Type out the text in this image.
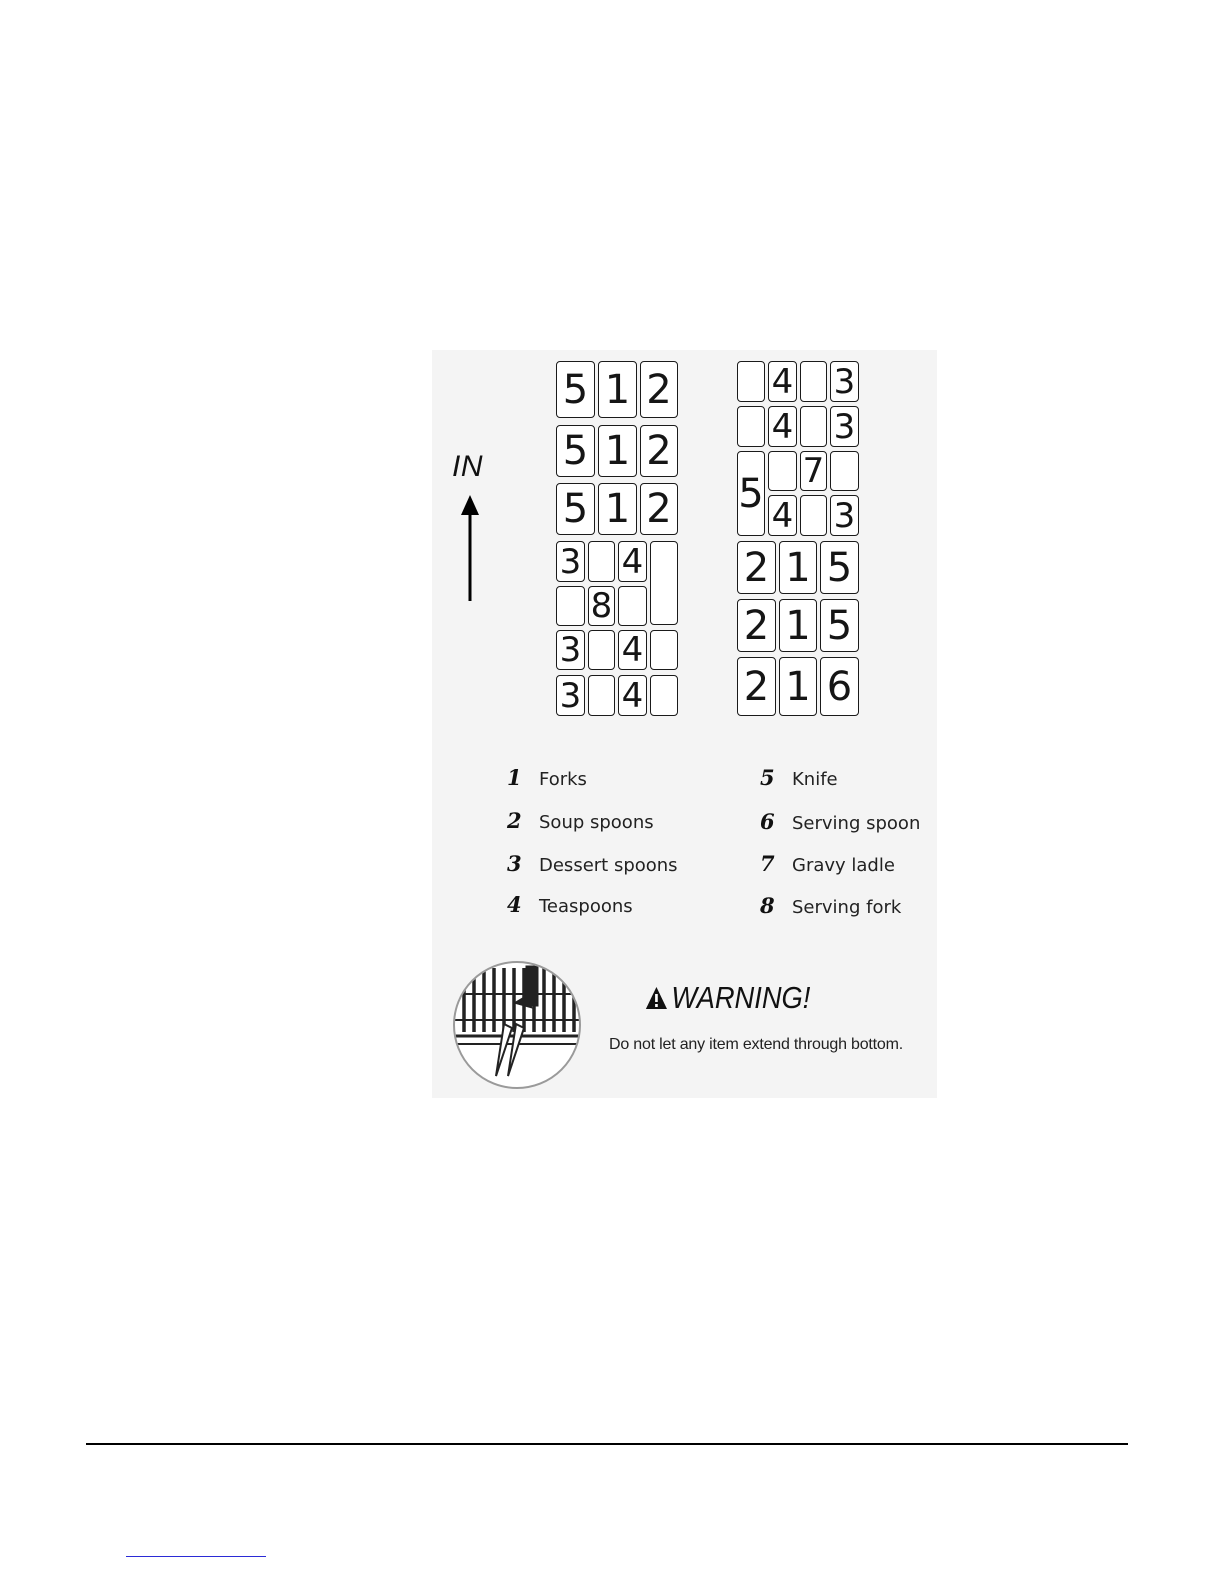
IN
5 1 2
5 1 2
5 1 2
3 4
8
3 4
3 4
4 3
4 3
5 7
4 3
2 1 5
2 1 5
2 1 6
1 Forks
2 Soup spoons
3 Dessert spoons
4 Teaspoons
5 Knife
6 Serving spoon
7 Gravy ladle
8 Serving fork
WARNING!
Do not let any item extend through bottom.
